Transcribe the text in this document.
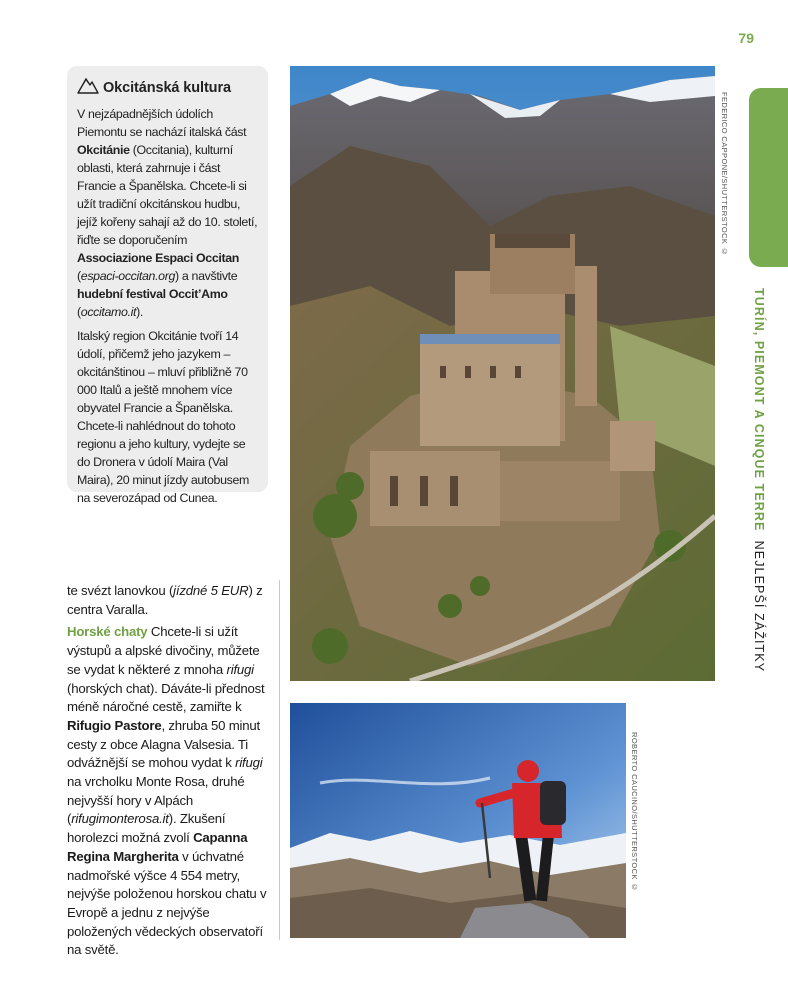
79
Okcitánská kultura

V nejzápadnějších údolích Piemontu se nachází italská část Okcitánie (Occitania), kulturní oblasti, která zahrnuje i část Francie a Španělska. Chcete-li si užít tradiční okcitánskou hudbu, jejíž kořeny sahají až do 10. století, řiďte se doporučením Associazione Espaci Occitan (espaci-occitan.org) a navštivte hudební festival Occit’Amo (occitamo.it).

Italský region Okcitánie tvoří 14 údolí, přičemž jeho jazykem – okcitánštinou – mluví přibližně 70 000 Italů a ještě mnohem více obyvatel Francie a Španělska. Chcete-li nahlédnout do tohoto regionu a jeho kultury, vydejte se do Dronera v údolí Maira (Val Maira), 20 minut jízdy autobusem na severozápad od Cunea.

te svézt lanovkou (jízdné 5 EUR) z centra Varalla.

Horské chaty Chcete-li si užít výstupů a alpské divočiny, můžete se vydat k některé z mnoha rifugi (horských chat). Dáváte-li přednost méně náročné cestě, zamiřte k Rifugio Pastore, zhruba 50 minut cesty z obce Alagna Valsesia. Ti odvážnější se mohou vydat k rifugi na vrcholku Monte Rosa, druhé nejvyšší hory v Alpách (rifugimonterosa.it). Zkušení horolezci možná zvolí Capanna Regina Margherita v úchvatné nadmořské výšce 4 554 metry, nejvýše položenou horskou chatu v Evropě a jednu z nejvýše položených vědeckých observatoří na světě.

FEDERICO CAPPONE/SHUTTERSTOCK ©
ROBERTO CAUCINO/SHUTTERSTOCK ©
TURÍN, PIEMONT A CINQUE TERRE  NEJLEPŠÍ ZÁŽITKY
